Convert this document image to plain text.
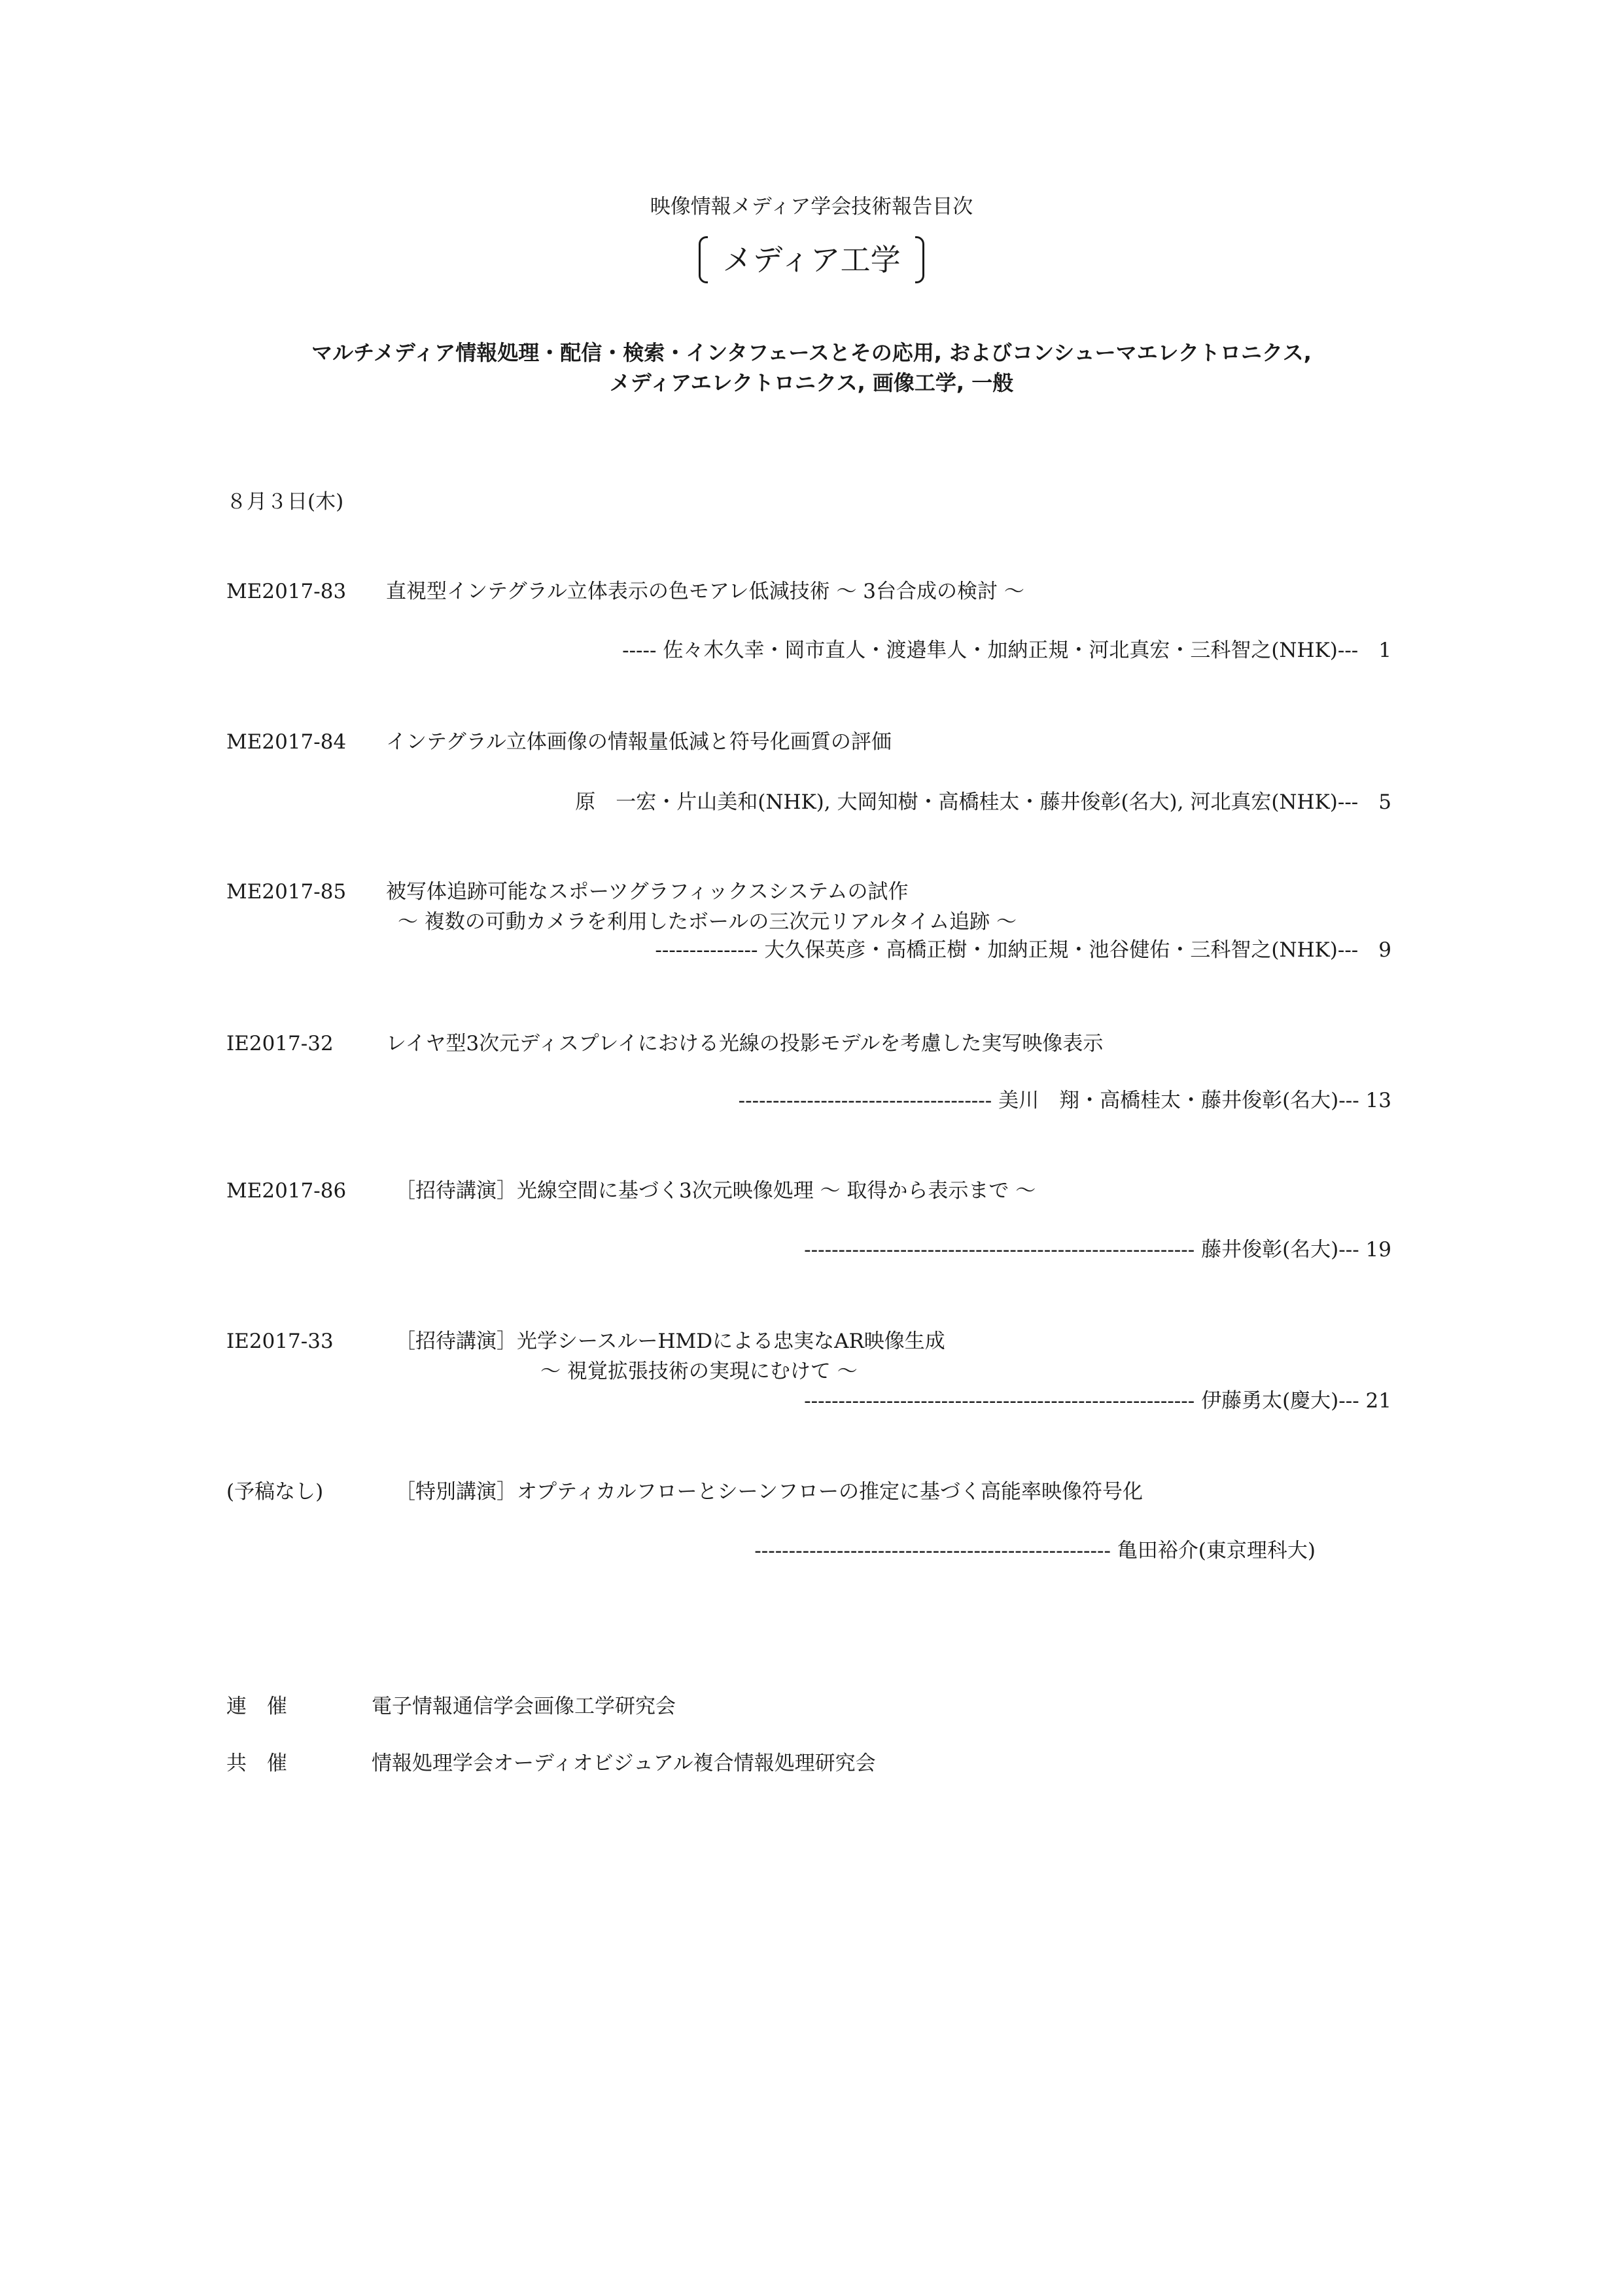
映像情報メディア学会技術報告目次
メディア工学
マルチメディア情報処理・配信・検索・インタフェースとその応用, およびコンシューマエレクトロニクス,
メディアエレクトロニクス, 画像工学, 一般
８月３日(木)
ME2017-83 直視型インテグラル立体表示の色モアレ低減技術 ～ 3台合成の検討 ～
----- 佐々木久幸・岡市直人・渡邉隼人・加納正規・河北真宏・三科智之(NHK)---　1
ME2017-84 インテグラル立体画像の情報量低減と符号化画質の評価
原　一宏・片山美和(NHK), 大岡知樹・高橋桂太・藤井俊彰(名大), 河北真宏(NHK)---　5
ME2017-85 被写体追跡可能なスポーツグラフィックスシステムの試作
～ 複数の可動カメラを利用したボールの三次元リアルタイム追跡 ～
--------------- 大久保英彦・高橋正樹・加納正規・池谷健佑・三科智之(NHK)---　9
IE2017-32	レイヤ型3次元ディスプレイにおける光線の投影モデルを考慮した実写映像表示
------------------------------------- 美川　翔・高橋桂太・藤井俊彰(名大)--- 13
ME2017-86 ［招待講演］光線空間に基づく3次元映像処理 ～ 取得から表示まで ～
--------------------------------------------------------- 藤井俊彰(名大)--- 19
IE2017-33	［招待講演］光学シースルーHMDによる忠実なAR映像生成
～ 視覚拡張技術の実現にむけて ～
--------------------------------------------------------- 伊藤勇太(慶大)--- 21
(予稿なし)	［特別講演］オプティカルフローとシーンフローの推定に基づく高能率映像符号化
---------------------------------------------------- 亀田裕介(東京理科大)
連　催	電子情報通信学会画像工学研究会
共　催	情報処理学会オーディオビジュアル複合情報処理研究会
